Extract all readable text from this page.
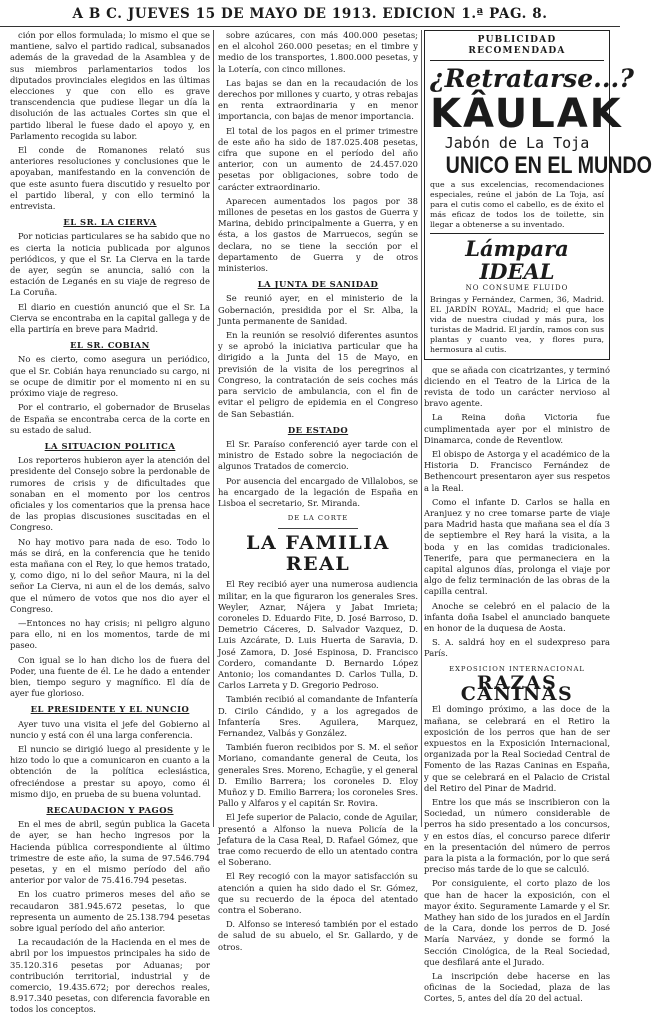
A B C. JUEVES 15 DE MAYO DE 1913. EDICION 1.ª PAG. 8.

ción por ellos formulada; lo mismo el que se mantiene, salvo el partido radical, subsanados además de la gravedad de la Asamblea y de sus miembros parlamentarios todos los diputados provinciales elegidos en las últimas elecciones y que con ello es grave transcendencia que pudiese llegar un día la disolución de las actuales Cortes sin que el partido liberal le fuese dado el apoyo y, en Parlamento recogida su labor.

El conde de Romanones relató sus anteriores resoluciones y conclusiones que le apoyaban, manifestando en la convención de que este asunto fuera discutido y resuelto por el partido liberal, y con ello terminó la entrevista.

EL SR. LA CIERVA

Por noticias particulares se ha sabido que no es cierta la noticia publicada por algunos periódicos, y que el Sr. La Cierva en la tarde de ayer, según se anuncia, salió con la estación de Leganés en su viaje de regreso de La Coruña.

El diario en cuestión anunció que el Sr. La Cierva se encontraba en la capital gallega y de ella partiría en breve para Madrid.

EL SR. COBIAN

No es cierto, como asegura un periódico, que el Sr. Cobián haya renunciado su cargo, ni se ocupe de dimitir por el momento ni en su próximo viaje de regreso.

Por el contrario, el gobernador de Bruselas de España se encontraba cerca de la corte en su estado de salud.

LA SITUACION POLITICA

Los reporteros hubieron ayer la atención del presidente del Consejo sobre la perdonable de rumores de crisis y de dificultades que sonaban en el momento por los centros oficiales y los comentarios que la prensa hace de las propias discusiones suscitadas en el Congreso.

No hay motivo para nada de eso. Todo lo más se dirá, en la conferencia que he tenido esta mañana con el Rey, lo que hemos tratado, y, como digo, ni lo del señor Maura, ni la del señor La Cierva, ni aun el de los demás, salvo que el número de votos que nos dio ayer el Congreso.

—Entonces no hay crisis; ni peligro alguno para ello, ni en los momentos, tarde de mi paseo.

Con igual se lo han dicho los de fuera del Poder, una fuente de él. Le he dado a entender bien, tiempo seguro y magnífico. El día de ayer fue glorioso.

EL PRESIDENTE Y EL NUNCIO

Ayer tuvo una visita el jefe del Gobierno al nuncio y está con él una larga conferencia.

El nuncio se dirigió luego al presidente y le hizo todo lo que a comunicaron en cuanto a la obtención de la política eclesiástica, ofreciéndose a prestar su apoyo, como él mismo dijo, en prueba de su buena voluntad.

RECAUDACION Y PAGOS

En el mes de abril, según publica la Gaceta de ayer, se han hecho ingresos por la Hacienda pública correspondiente al último trimestre de este año, la suma de 97.546.794 pesetas, y en el mismo período del año anterior por valor de 75.416.794 pesetas.

En los cuatro primeros meses del año se recaudaron 381.945.672 pesetas, lo que representa un aumento de 25.138.794 pesetas sobre igual período del año anterior.

La recaudación de la Hacienda en el mes de abril por los impuestos principales ha sido de 35.120.316 pesetas por Aduanas; por contribución territorial, industrial y de comercio, 19.435.672; por derechos reales, 8.917.340 pesetas, con diferencia favorable en todos los conceptos.

sobre azúcares, con más 400.000 pesetas; en el alcohol 260.000 pesetas; en el timbre y medio de los transportes, 1.800.000 pesetas, y la Lotería, con cinco millones.

Las bajas se dan en la recaudación de los derechos por millones y cuarto, y otras rebajas en renta extraordinaria y en menor importancia, con bajas de menor importancia.

El total de los pagos en el primer trimestre de este año ha sido de 187.025.408 pesetas, cifra que supone en el período del año anterior, con un aumento de 24.457.020 pesetas por obligaciones, sobre todo de carácter extraordinario.

Aparecen aumentados los pagos por 38 millones de pesetas en los gastos de Guerra y Marina, debido principalmente a Guerra, y en ésta, a los gastos de Marruecos, según se declara, no se tiene la sección por el departamento de Guerra y de otros ministerios.

LA JUNTA DE SANIDAD

Se reunió ayer, en el ministerio de la Gobernación, presidida por el Sr. Alba, la Junta permanente de Sanidad.

En la reunión se resolvió diferentes asuntos y se aprobó la iniciativa particular que ha dirigido a la Junta del 15 de Mayo, en previsión de la visita de los peregrinos al Congreso, la contratación de seis coches más para servicio de ambulancia, con el fin de evitar el peligro de epidemia en el Congreso de San Sebastián.

DE ESTADO

El Sr. Paraíso conferenció ayer tarde con el ministro de Estado sobre la negociación de algunos Tratados de comercio.

Por ausencia del encargado de Villalobos, se ha encargado de la legación de España en Lisboa el secretario, Sr. Miranda.

DE LA CORTE
LA FAMILIA REAL

El Rey recibió ayer una numerosa audiencia militar, en la que figuraron los generales Sres. Weyler, Aznar, Nájera y Jabat Imrieta; coroneles D. Eduardo Fite, D. José Barroso, D. Demetrio Cáceres, D. Salvador Vazquez, D. Luis Azcárate, D. Luis Huerta de Saravia, D. José Zamora, D. José Espinosa, D. Francisco Cordero, comandante D. Bernardo López Antonio; los comandantes D. Carlos Tulla, D. Carlos Larreta y D. Gregorio Pedroso.

También recibió al comandante de Infantería D. Cirilo Cándido, y a los agregados de Infantería Sres. Aguilera, Marquez, Fernandez, Valbás y González.

También fueron recibidos por S. M. el señor Moriano, comandante general de Ceuta, los generales Sres. Moreno, Echagüe, y el general D. Emilio Barrera; los coroneles D. Eloy Muñoz y D. Emilio Barrera; los coroneles Sres. Pallo y Alfaros y el capitán Sr. Rovira.

El Jefe superior de Palacio, conde de Aguilar, presentó a Alfonso la nueva Policía de la Jefatura de la Casa Real, D. Rafael Gómez, que trae como recuerdo de ello un atentado contra el Soberano.

El Rey recogió con la mayor satisfacción su atención a quien ha sido dado el Sr. Gómez, que su recuerdo de la época del atentado contra el Soberano.

D. Alfonso se interesó también por el estado de salud de su abuelo, el Sr. Gallardo, y de otros.

PUBLICIDAD RECOMENDADA
¿Retratarse...?
KÂULAK
Jabón de La Toja
UNICO EN EL MUNDO
que a sus excelencias, recomendaciones especiales, reúne el jabón de La Toja, así para el cutis como el cabello, es de éxito el más eficaz de todos los de toilette, sin llegar a obtenerse a su inventado.
Lámpara IDEAL
NO CONSUME FLUIDO
Bringas y Fernández, Carmen, 36, Madrid. EL JARDÍN ROYAL, Madrid; el que hace vida de nuestra ciudad y más pura, los turistas de Madrid. El jardín, ramos con sus plantas y cuanto vea, y flores pura, hermosura al cutis.

que se añada con cicatrizantes, y terminó diciendo en el Teatro de la Lirica de la revista de todo un carácter nervioso al bravo agente.

La Reina doña Victoria fue cumplimentada ayer por el ministro de Dinamarca, conde de Reventlow.

El obispo de Astorga y el académico de la Historia D. Francisco Fernández de Bethencourt presentaron ayer sus respetos a la Real.

Como el infante D. Carlos se halla en Aranjuez y no cree tomarse parte de viaje para Madrid hasta que mañana sea el día 3 de septiembre el Rey hará la visita, a la boda y en las comidas tradicionales. Tenerife, para que permaneciera en la capital algunos días, prolonga el viaje por algo de feliz terminación de las obras de la capilla central.

Anoche se celebró en el palacio de la infanta doña Isabel el anunciado banquete en honor de la duquesa de Aosta.

S. A. saldrá hoy en el sudexpreso para París.

EXPOSICION INTERNACIONAL
RAZAS CANINAS

El domingo próximo, a las doce de la mañana, se celebrará en el Retiro la exposición de los perros que han de ser expuestos en la Exposición Internacional, organizada por la Real Sociedad Central de Fomento de las Razas Caninas en España, y que se celebrará en el Palacio de Cristal del Retiro del Pinar de Madrid.

Entre los que más se inscribieron con la Sociedad, un número considerable de perros ha sido presentado a los concursos, y en estos días, el concurso parece diferir en la presentación del número de perros para la pista a la formación, por lo que será preciso más tarde de lo que se calculó.

Por consiguiente, el corto plazo de los que han de hacer la exposición, con el mayor éxito. Seguramente Lamarde y el Sr. Mathey han sido de los jurados en el Jardín de la Cara, donde los perros de D. José María Narváez, y donde se formó la Sección Cinológica, de la Real Sociedad, que desfilará ante el Jurado.

La inscripción debe hacerse en las oficinas de la Sociedad, plaza de las Cortes, 5, antes del día 20 del actual.
